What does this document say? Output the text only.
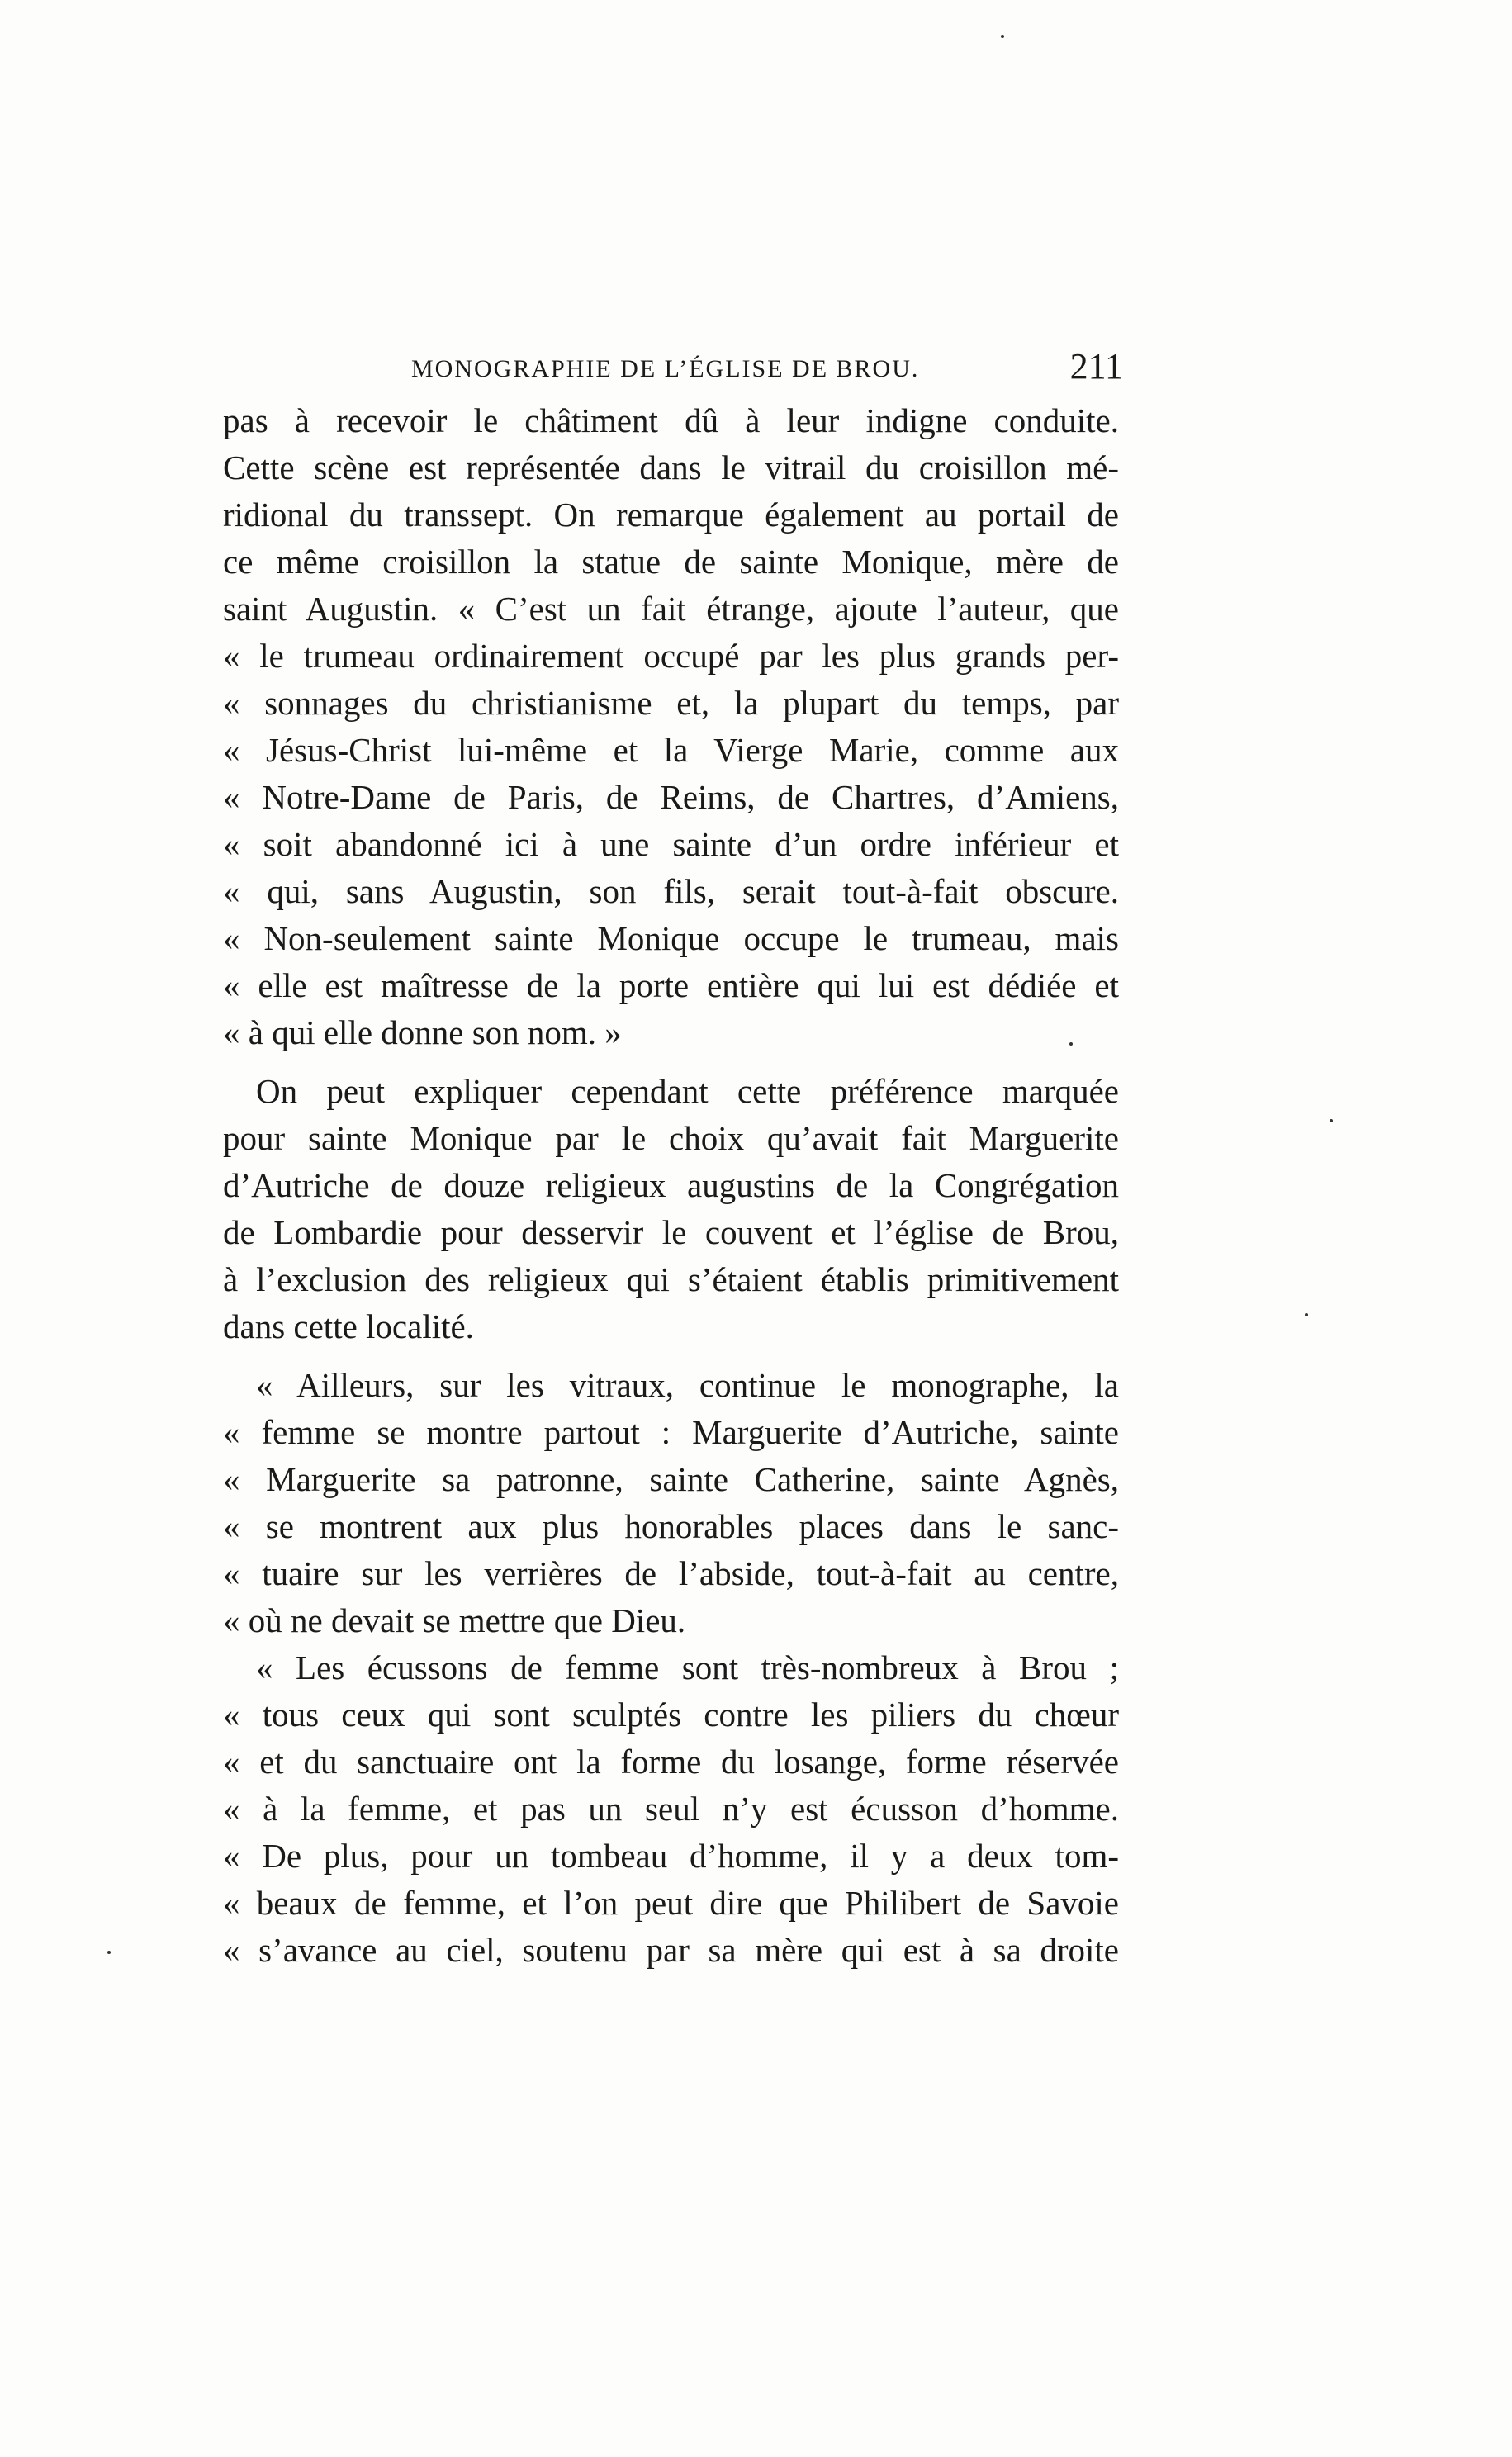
MONOGRAPHIE DE L’ÉGLISE DE BROU.	211
pas à recevoir le châtiment dû à leur indigne conduite.
Cette scène est représentée dans le vitrail du croisillon mé-
ridional du transsept. On remarque également au portail de
ce même croisillon la statue de sainte Monique, mère de
saint Augustin. « C’est un fait étrange, ajoute l’auteur, que
« le trumeau ordinairement occupé par les plus grands per-
« sonnages du christianisme et, la plupart du temps, par
« Jésus-Christ lui-même et la Vierge Marie, comme aux
« Notre-Dame de Paris, de Reims, de Chartres, d’Amiens,
« soit abandonné ici à une sainte d’un ordre inférieur et
« qui, sans Augustin, son fils, serait tout-à-fait obscure.
« Non-seulement sainte Monique occupe le trumeau, mais
« elle est maîtresse de la porte entière qui lui est dédiée et
« à qui elle donne son nom. »
On peut expliquer cependant cette préférence marquée
pour sainte Monique par le choix qu’avait fait Marguerite
d’Autriche de douze religieux augustins de la Congrégation
de Lombardie pour desservir le couvent et l’église de Brou,
à l’exclusion des religieux qui s’étaient établis primitivement
dans cette localité.
« Ailleurs, sur les vitraux, continue le monographe, la
« femme se montre partout : Marguerite d’Autriche, sainte
« Marguerite sa patronne, sainte Catherine, sainte Agnès,
« se montrent aux plus honorables places dans le sanc-
« tuaire sur les verrières de l’abside, tout-à-fait au centre,
« où ne devait se mettre que Dieu.
« Les écussons de femme sont très-nombreux à Brou ;
« tous ceux qui sont sculptés contre les piliers du chœur
« et du sanctuaire ont la forme du losange, forme réservée
« à la femme, et pas un seul n’y est écusson d’homme.
« De plus, pour un tombeau d’homme, il y a deux tom-
« beaux de femme, et l’on peut dire que Philibert de Savoie
« s’avance au ciel, soutenu par sa mère qui est à sa droite
